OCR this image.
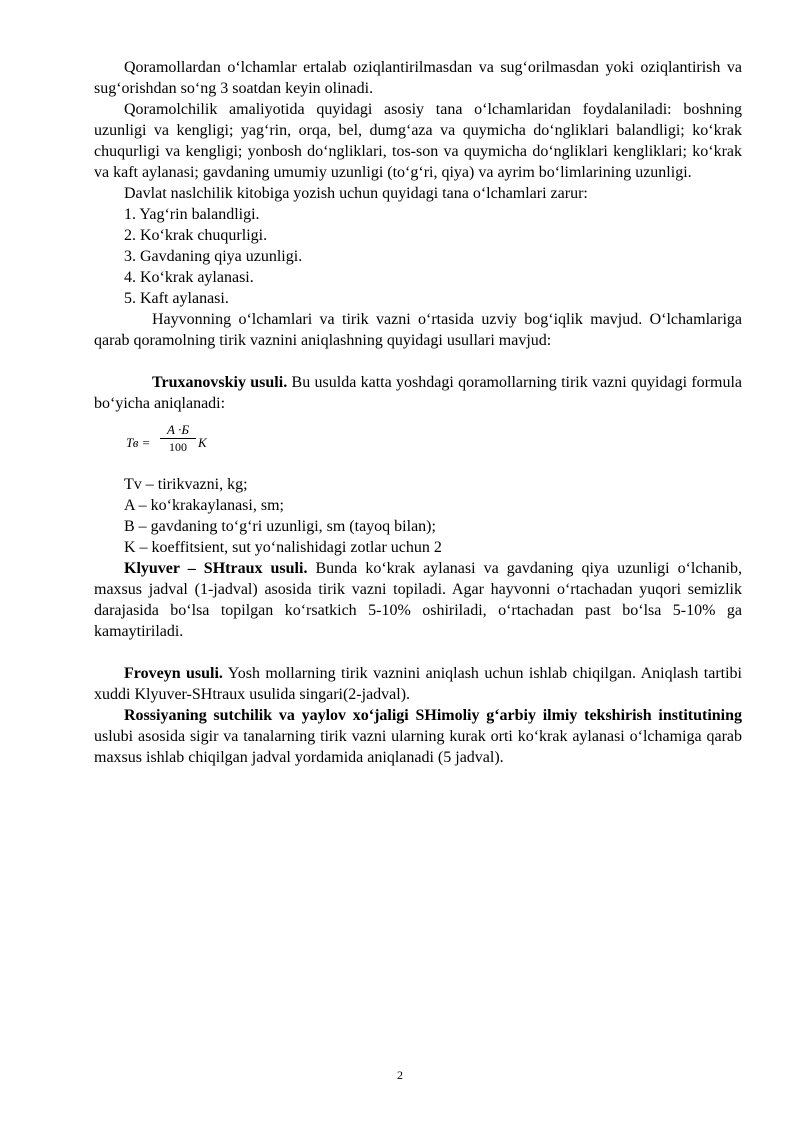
Qoramollardan o‘lchamlar ertalab oziqlantirilmasdan va sug‘orilmasdan yoki oziqlantirish va sug‘orishdan so‘ng 3 soatdan keyin olinadi.

Qoramolchilik amaliyotida quyidagi asosiy tana o‘lchamlaridan foydalaniladi: boshning uzunligi va kengligi; yag‘rin, orqa, bel, dumg‘aza va quymicha do‘ngliklari balandligi; ko‘krak chuqurligi va kengligi; yonbosh do‘ngliklari, tos-son va quymicha do‘ngliklari kengliklari; ko‘krak va kaft aylanasi; gavdaning umumiy uzunligi (to‘g‘ri, qiya) va ayrim bo‘limlarining uzunligi.

Davlat naslchilik kitobiga yozish uchun quyidagi tana o‘lchamlari zarur:

1. Yag‘rin balandligi.

2. Ko‘krak chuqurligi.

3. Gavdaning qiya uzunligi.

4. Ko‘krak aylanasi.

5. Kaft aylanasi.

Hayvonning o‘lchamlari va tirik vazni o‘rtasida uzviy bog‘iqlik mavjud. O‘lchamlariga qarab qoramolning tirik vaznini aniqlashning quyidagi usullari mavjud:

Truxanovskiy usuli. Bu usulda katta yoshdagi qoramollarning tirik vazni quyidagi formula bo‘yicha aniqlanadi:

Тв =
А ·Б
100 К

Tv – tirikvazni, kg;

A – ko‘krakaylanasi, sm;

B – gavdaning to‘g‘ri uzunligi, sm (tayoq bilan);

K – koeffitsient, sut yo‘nalishidagi zotlar uchun 2

Klyuver – SHtraux usuli. Bunda ko‘krak aylanasi va gavdaning qiya uzunligi o‘lchanib, maxsus jadval (1-jadval) asosida tirik vazni topiladi. Agar hayvonni o‘rtachadan yuqori semizlik darajasida bo‘lsa topilgan ko‘rsatkich 5-10% oshiriladi, o‘rtachadan past bo‘lsa 5-10% ga kamaytiriladi.

Froveyn usuli. Yosh mollarning tirik vaznini aniqlash uchun ishlab chiqilgan. Aniqlash tartibi xuddi Klyuver-SHtraux usulida singari(2-jadval).

Rossiyaning sutchilik va yaylov xo‘jaligi SHimoliy g‘arbiy ilmiy tekshirish institutining uslubi asosida sigir va tanalarning tirik vazni ularning kurak orti ko‘krak aylanasi o‘lchamiga qarab maxsus ishlab chiqilgan jadval yordamida aniqlanadi (5 jadval).

2
